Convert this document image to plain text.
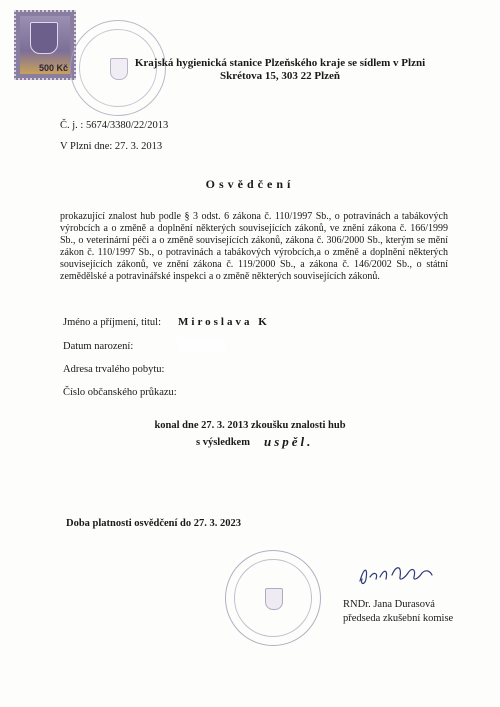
500 Kč	Krajská hygienická stanice Plzeňského kraje se sídlem v Plzni
Skrétova 15, 303 22 Plzeň
Č. j. : 5674/3380/22/2013
V Plzni dne: 27. 3. 2013
Osvědčení
prokazující znalost hub podle § 3 odst. 6 zákona č. 110/1997 Sb., o potravinách a tabákových výrobcích a o změně a doplnění některých souvisejících zákonů, ve znění zákona č. 166/1999 Sb., o veterinární péči a o změně souvisejících zákonů, zákona č. 306/2000 Sb., kterým se mění zákon č. 110/1997 Sb., o potravinách a tabákových výrobcích,a o změně a doplnění některých souvisejících zákonů, ve znění zákona č. 119/2000 Sb., a zákona č. 146/2002 Sb., o státní zemědělské a potravinářské inspekci a o změně některých souvisejících zákonů.
Jméno a příjmení, titul: Miroslava K
Datum narození:
Adresa trvalého pobytu:
Číslo občanského průkazu:
konal dne 27. 3. 2013 zkoušku znalosti hub
s výsledkem uspěl.
Doba platnosti osvědčení do 27. 3. 2023
RNDr. Jana Durasová
předseda zkušební komise
